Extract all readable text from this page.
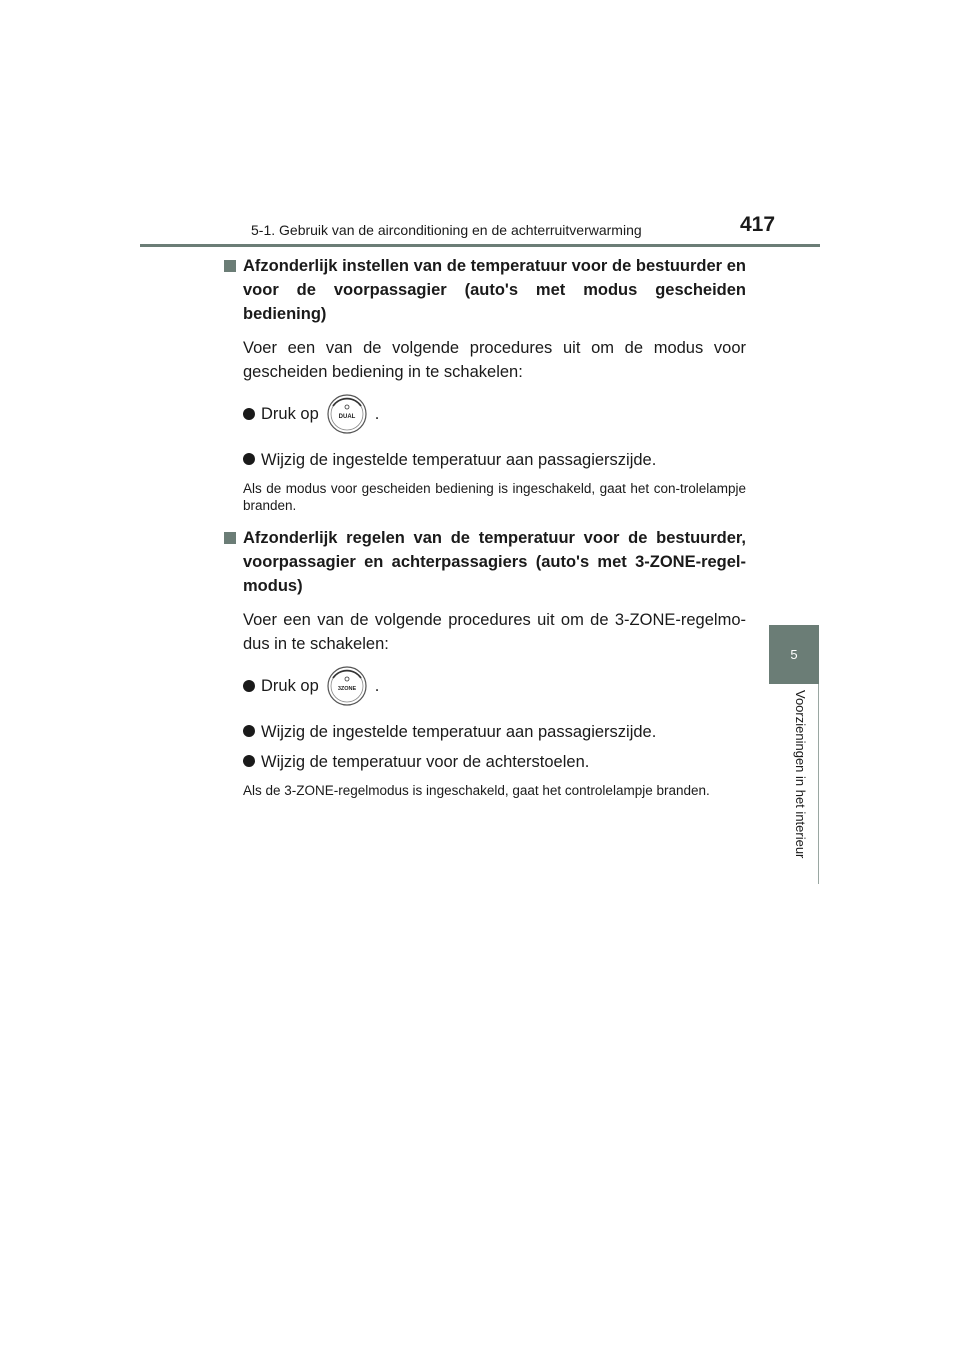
5-1. Gebruik van de airconditioning en de achterruitverwarming	417
5
Voorzieningen in het interieur

Afzonderlijk instellen van de temperatuur voor de bestuurder en voor de voorpassagier (auto's met modus gescheiden bediening)

Voer een van de volgende procedures uit om de modus voor gescheiden bediening in te schakelen:

Druk op	DUAL .
Wijzig de ingestelde temperatuur aan passagierszijde.

Als de modus voor gescheiden bediening is ingeschakeld, gaat het con-trolelampje branden.

Afzonderlijk regelen van de temperatuur voor de bestuurder, voorpassagier en achterpassagiers (auto's met 3-ZONE-regel-modus)

Voer een van de volgende procedures uit om de 3-ZONE-regelmo-dus in te schakelen:

Druk op	3ZONE .
Wijzig de ingestelde temperatuur aan passagierszijde.
Wijzig de temperatuur voor de achterstoelen.

Als de 3-ZONE-regelmodus is ingeschakeld, gaat het controlelampje branden.
